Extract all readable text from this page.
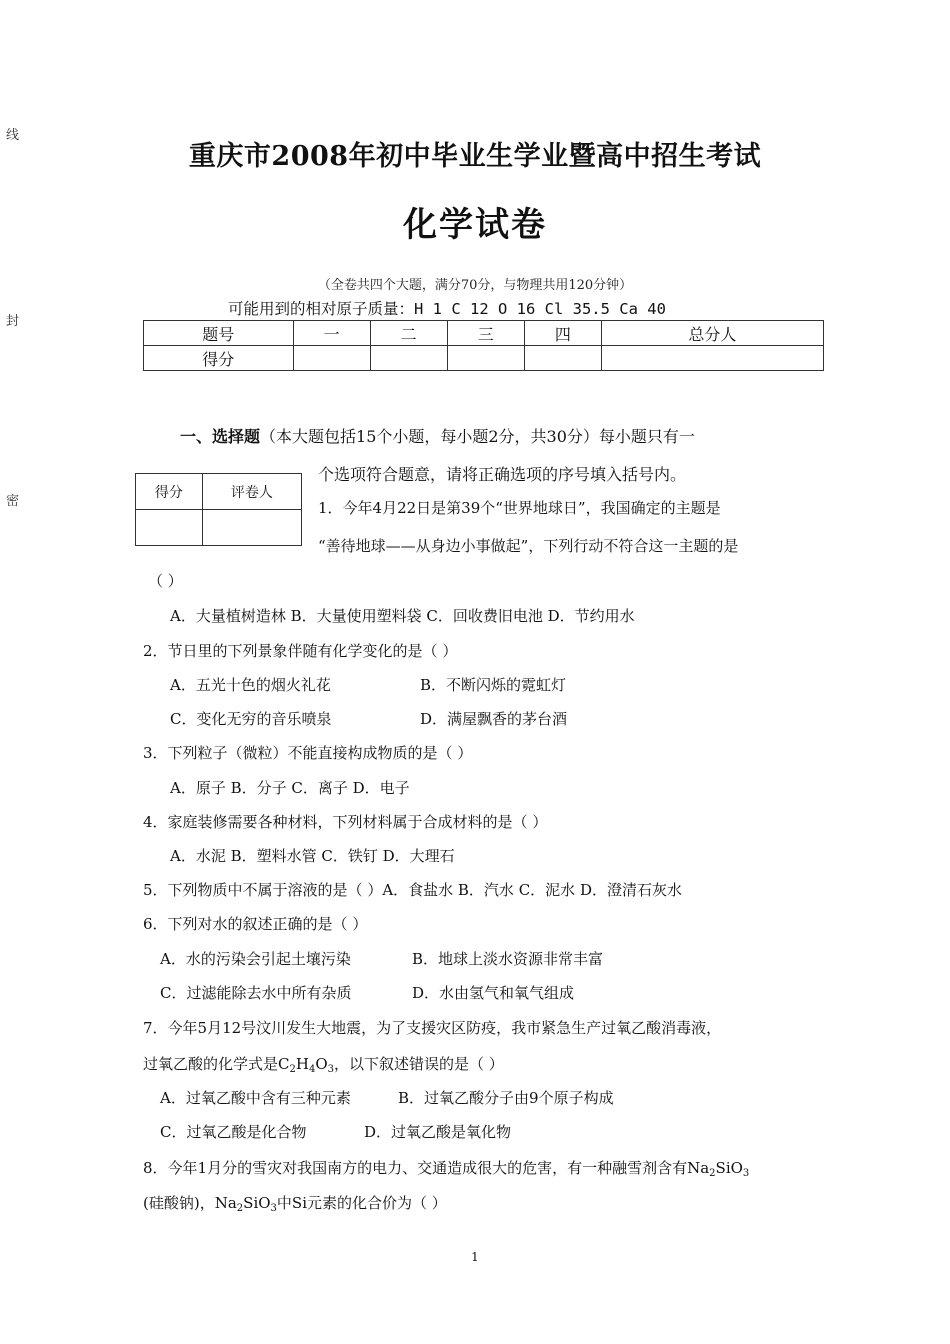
线
封
密
重庆市2008年初中毕业生学业暨高中招生考试
化学试卷
（全卷共四个大题，满分70分，与物理共用120分钟）
可能用到的相对原子质量：H 1 C 12 O 16 Cl 35.5 Ca 40
题号	一	二	三	四	总分人
得分					
一、选择题（本大题包括15个小题，每小题2分，共30分）每小题只有一
个选项符合题意，请将正确选项的序号填入括号内。
得分	评卷人

1．今年4月22日是第39个“世界地球日”，我国确定的主题是
“善待地球——从身边小事做起”，下列行动不符合这一主题的是
（ ）
A．大量植树造林 B．大量使用塑料袋 C．回收费旧电池 D．节约用水
2．节日里的下列景象伴随有化学变化的是（ ）
A．五光十色的烟火礼花	B．不断闪烁的霓虹灯
C．变化无穷的音乐喷泉	D．满屋飘香的茅台酒
3．下列粒子（微粒）不能直接构成物质的是（ ）
A．原子 B．分子 C．离子 D．电子
4．家庭装修需要各种材料，下列材料属于合成材料的是（ ）
A．水泥 B．塑料水管 C．铁钉 D．大理石
5．下列物质中不属于溶液的是（ ）A．食盐水 B．汽水 C．泥水 D．澄清石灰水
6．下列对水的叙述正确的是（ ）
A．水的污染会引起土壤污染	B．地球上淡水资源非常丰富
C．过滤能除去水中所有杂质	D．水由氢气和氧气组成
7．今年5月12号汶川发生大地震，为了支援灾区防疫，我市紧急生产过氧乙酸消毒液，
过氧乙酸的化学式是$C_2H_4O_3$，以下叙述错误的是（ ）
A．过氧乙酸中含有三种元素	B．过氧乙酸分子由9个原子构成
C．过氧乙酸是化合物	D．过氧乙酸是氧化物
8．今年1月分的雪灾对我国南方的电力、交通造成很大的危害，有一种融雪剂含有$Na_2SiO_3$
(硅酸钠)，$Na_2SiO_3$中Si元素的化合价为（ ）
1
